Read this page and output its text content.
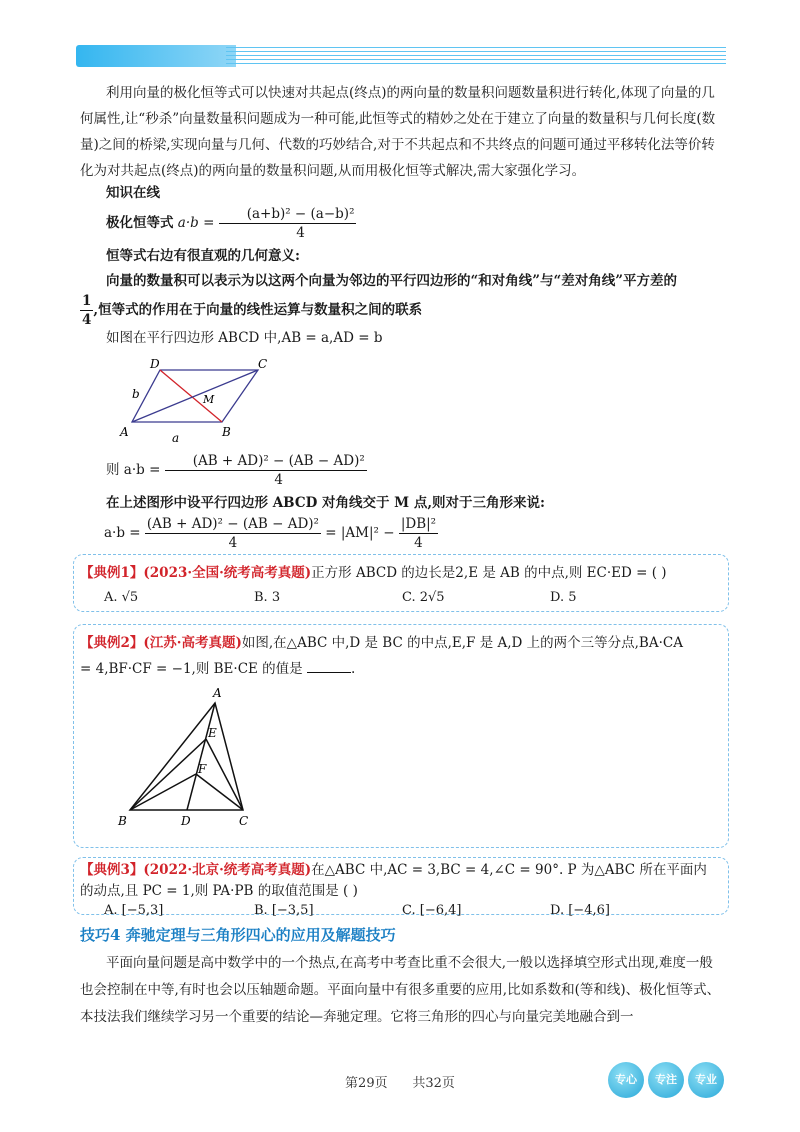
利用向量的极化恒等式可以快速对共起点(终点)的两向量的数量积问题数量积进行转化,体现了向量的几何属性,让“秒杀”向量数量积问题成为一种可能,此恒等式的精妙之处在于建立了向量的数量积与几何长度(数量)之间的桥梁,实现向量与几何、代数的巧妙结合,对于不共起点和不共终点的问题可通过平移转化法等价转化为对共起点(终点)的两向量的数量积问题,从而用极化恒等式解决,需大家强化学习。
知识在线
极化恒等式 $a\cdot b = \frac{\text{(a+b)² − (a−b)²}}{4}$
恒等式右边有很直观的几何意义:
向量的数量积可以表示为以这两个向量为邻边的平行四边形的“和对角线”与“差对角线”平方差的
$\frac{1}{4}$ ,恒等式的作用在于向量的线性运算与数量积之间的联系
如图在平行四边形 ABCD 中,AB = a,AD = b
A	B
C
D
M
a
b
则 $a\cdot b = \frac{\text{(AB + AD)² − (AB − AD)²}}{4}$
在上述图形中设平行四边形 ABCD 对角线交于 M 点,则对于三角形来说:
$a\cdot b = \frac{\text{(AB + AD)² − (AB − AD)²}}{4} = |AM|^2 - \frac{\text{|DB|²}}{4}$
【典例1】(2023·全国·统考高考真题)正方形 ABCD 的边长是2,E 是 AB 的中点,则 EC·ED = ( )
A. √5	B. 3	C. 2√5	D. 5
【典例2】(江苏·高考真题)如图,在△ABC 中,D 是 BC 的中点,E,F 是 A,D 上的两个三等分点,BA·CA
= 4,BF·CF = −1,则 BE·CE 的值是	.
A
B	C
D
E
F
【典例3】(2022·北京·统考高考真题)在△ABC 中,AC = 3,BC = 4,∠C = 90°. P 为△ABC 所在平面内
的动点,且 PC = 1,则 PA·PB 的取值范围是 ( )
A. [−5,3]	B. [−3,5]	C. [−6,4]	D. [−4,6]
技巧4 奔驰定理与三角形四心的应用及解题技巧
平面向量问题是高中数学中的一个热点,在高考中考查比重不会很大,一般以选择填空形式出现,难度一般也会控制在中等,有时也会以压轴题命题。平面向量中有很多重要的应用,比如系数和(等和线)、极化恒等式、本技法我们继续学习另一个重要的结论—奔驰定理。它将三角形的四心与向量完美地融合到一
第29页 共32页	专心	专注	专业
